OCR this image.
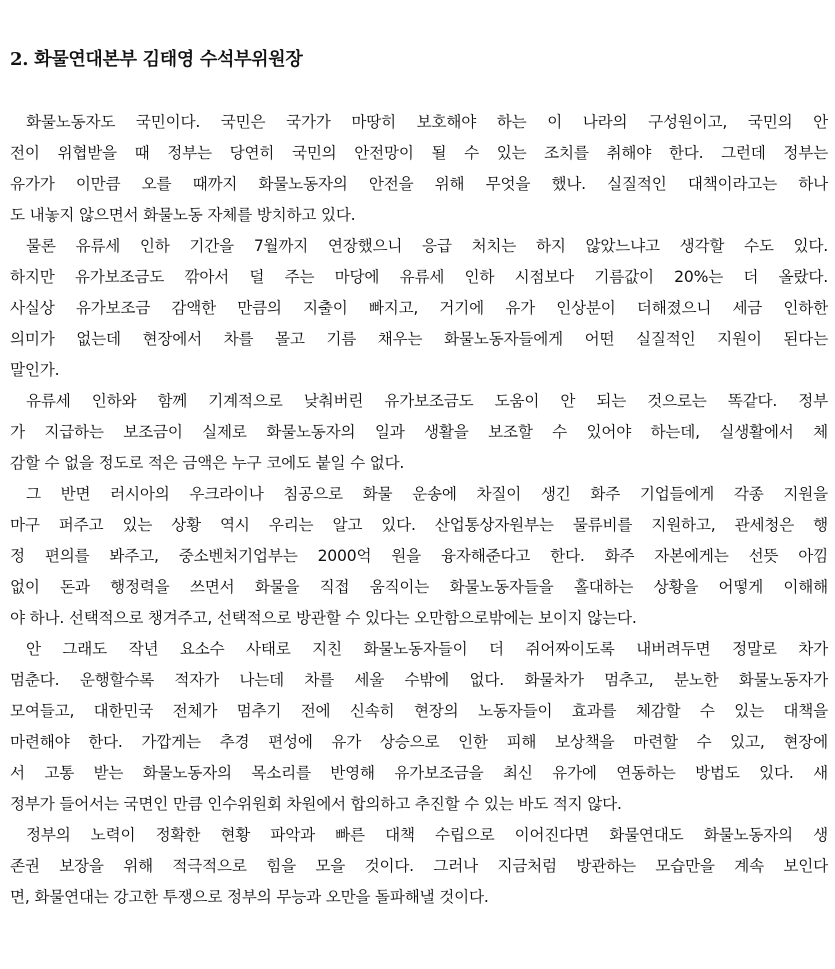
2. 화물연대본부 김태영 수석부위원장
화물노동자도 국민이다. 국민은 국가가 마땅히 보호해야 하는 이 나라의 구성원이고, 국민의 안
전이 위협받을 때 정부는 당연히 국민의 안전망이 될 수 있는 조치를 취해야 한다. 그런데 정부는
유가가 이만큼 오를 때까지 화물노동자의 안전을 위해 무엇을 했나. 실질적인 대책이라고는 하나
도 내놓지 않으면서 화물노동 자체를 방치하고 있다.
물론 유류세 인하 기간을 7월까지 연장했으니 응급 처치는 하지 않았느냐고 생각할 수도 있다.
하지만 유가보조금도 깎아서 덜 주는 마당에 유류세 인하 시점보다 기름값이 20%는 더 올랐다.
사실상 유가보조금 감액한 만큼의 지출이 빠지고, 거기에 유가 인상분이 더해졌으니 세금 인하한
의미가 없는데 현장에서 차를 몰고 기름 채우는 화물노동자들에게 어떤 실질적인 지원이 된다는
말인가.
유류세 인하와 함께 기계적으로 낮춰버린 유가보조금도 도움이 안 되는 것으로는 똑같다. 정부
가 지급하는 보조금이 실제로 화물노동자의 일과 생활을 보조할 수 있어야 하는데, 실생활에서 체
감할 수 없을 정도로 적은 금액은 누구 코에도 붙일 수 없다.
그 반면 러시아의 우크라이나 침공으로 화물 운송에 차질이 생긴 화주 기업들에게 각종 지원을
마구 퍼주고 있는 상황 역시 우리는 알고 있다. 산업통상자원부는 물류비를 지원하고, 관세청은 행
정 편의를 봐주고, 중소벤처기업부는 2000억 원을 융자해준다고 한다. 화주 자본에게는 선뜻 아낌
없이 돈과 행정력을 쓰면서 화물을 직접 움직이는 화물노동자들을 홀대하는 상황을 어떻게 이해해
야 하나. 선택적으로 챙겨주고, 선택적으로 방관할 수 있다는 오만함으로밖에는 보이지 않는다.
안 그래도 작년 요소수 사태로 지친 화물노동자들이 더 쥐어짜이도록 내버려두면 정말로 차가
멈춘다. 운행할수록 적자가 나는데 차를 세울 수밖에 없다. 화물차가 멈추고, 분노한 화물노동자가
모여들고, 대한민국 전체가 멈추기 전에 신속히 현장의 노동자들이 효과를 체감할 수 있는 대책을
마련해야 한다. 가깝게는 추경 편성에 유가 상승으로 인한 피해 보상책을 마련할 수 있고, 현장에
서 고통 받는 화물노동자의 목소리를 반영해 유가보조금을 최신 유가에 연동하는 방법도 있다. 새
정부가 들어서는 국면인 만큼 인수위원회 차원에서 합의하고 추진할 수 있는 바도 적지 않다.
정부의 노력이 정확한 현황 파악과 빠른 대책 수립으로 이어진다면 화물연대도 화물노동자의 생
존권 보장을 위해 적극적으로 힘을 모을 것이다. 그러나 지금처럼 방관하는 모습만을 계속 보인다
면, 화물연대는 강고한 투쟁으로 정부의 무능과 오만을 돌파해낼 것이다.
